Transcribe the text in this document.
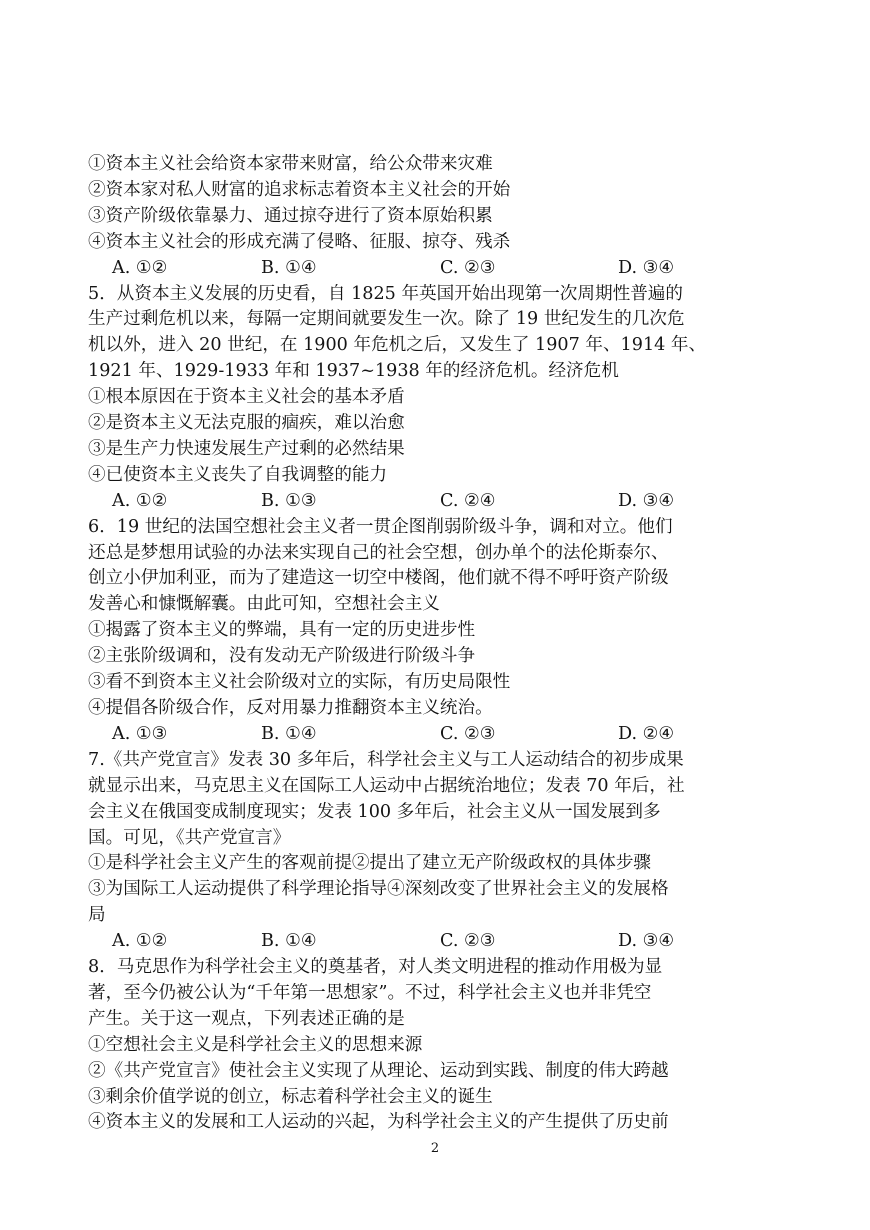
①资本主义社会给资本家带来财富，给公众带来灾难
②资本家对私人财富的追求标志着资本主义社会的开始
③资产阶级依靠暴力、通过掠夺进行了资本原始积累
④资本主义社会的形成充满了侵略、征服、掠夺、残杀
A. ①②	B. ①④	C. ②③	D. ③④
5．从资本主义发展的历史看，自 1825 年英国开始出现第一次周期性普遍的
生产过剩危机以来，每隔一定期间就要发生一次。除了 19 世纪发生的几次危
机以外，进入 20 世纪，在 1900 年危机之后，又发生了 1907 年、1914 年、
1921 年、1929-1933 年和 1937~1938 年的经济危机。经济危机
①根本原因在于资本主义社会的基本矛盾
②是资本主义无法克服的痼疾，难以治愈
③是生产力快速发展生产过剩的必然结果
④已使资本主义丧失了自我调整的能力
A. ①②	B. ①③	C. ②④	D. ③④
6．19 世纪的法国空想社会主义者一贯企图削弱阶级斗争，调和对立。他们
还总是梦想用试验的办法来实现自己的社会空想，创办单个的法伦斯泰尔、
创立小伊加利亚，而为了建造这一切空中楼阁，他们就不得不呼吁资产阶级
发善心和慷慨解囊。由此可知，空想社会主义
①揭露了资本主义的弊端，具有一定的历史进步性
②主张阶级调和，没有发动无产阶级进行阶级斗争
③看不到资本主义社会阶级对立的实际，有历史局限性
④提倡各阶级合作，反对用暴力推翻资本主义统治。
A. ①③	B. ①④	C. ②③	D. ②④
7.《共产党宣言》发表 30 多年后，科学社会主义与工人运动结合的初步成果
就显示出来，马克思主义在国际工人运动中占据统治地位；发表 70 年后，社
会主义在俄国变成制度现实；发表 100 多年后，社会主义从一国发展到多
国。可见，《共产党宣言》
①是科学社会主义产生的客观前提②提出了建立无产阶级政权的具体步骤
③为国际工人运动提供了科学理论指导④深刻改变了世界社会主义的发展格
局
A. ①②	B. ①④	C. ②③	D. ③④
8．马克思作为科学社会主义的奠基者，对人类文明进程的推动作用极为显
著，至今仍被公认为“千年第一思想家”。不过，科学社会主义也并非凭空
产生。关于这一观点，下列表述正确的是
①空想社会主义是科学社会主义的思想来源
②《共产党宣言》使社会主义实现了从理论、运动到实践、制度的伟大跨越
③剩余价值学说的创立，标志着科学社会主义的诞生
④资本主义的发展和工人运动的兴起，为科学社会主义的产生提供了历史前
2
